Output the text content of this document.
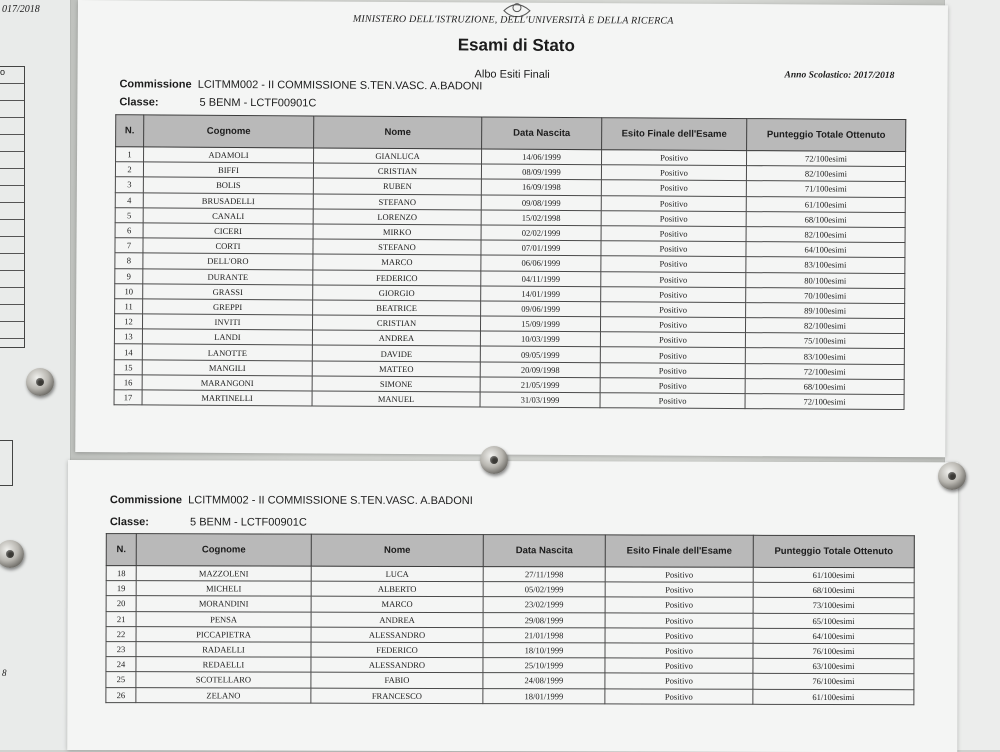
017/2018
o
8
MINISTERO DELL'ISTRUZIONE, DELL'UNIVERSITÀ E DELLA RICERCA
Esami di Stato
Albo Esiti Finali	Anno Scolastico: 2017/2018
Commissione LCITMM002 - II COMMISSIONE S.TEN.VASC. A.BADONI
Classe:	5 BENM - LCTF00901C
N.	Cognome	Nome	Data Nascita	Esito Finale dell'Esame	Punteggio Totale Ottenuto
1	ADAMOLI	GIANLUCA	14/06/1999	Positivo	72/100esimi
2	BIFFI	CRISTIAN	08/09/1999	Positivo	82/100esimi
3	BOLIS	RUBEN	16/09/1998	Positivo	71/100esimi
4	BRUSADELLI	STEFANO	09/08/1999	Positivo	61/100esimi
5	CANALI	LORENZO	15/02/1998	Positivo	68/100esimi
6	CICERI	MIRKO	02/02/1999	Positivo	82/100esimi
7	CORTI	STEFANO	07/01/1999	Positivo	64/100esimi
8	DELL'ORO	MARCO	06/06/1999	Positivo	83/100esimi
9	DURANTE	FEDERICO	04/11/1999	Positivo	80/100esimi
10	GRASSI	GIORGIO	14/01/1999	Positivo	70/100esimi
11	GREPPI	BEATRICE	09/06/1999	Positivo	89/100esimi
12	INVITI	CRISTIAN	15/09/1999	Positivo	82/100esimi
13	LANDI	ANDREA	10/03/1999	Positivo	75/100esimi
14	LANOTTE	DAVIDE	09/05/1999	Positivo	83/100esimi
15	MANGILI	MATTEO	20/09/1998	Positivo	72/100esimi
16	MARANGONI	SIMONE	21/05/1999	Positivo	68/100esimi
17	MARTINELLI	MANUEL	31/03/1999	Positivo	72/100esimi
Commissione LCITMM002 - II COMMISSIONE S.TEN.VASC. A.BADONI
Classe:	5 BENM - LCTF00901C
N.	Cognome	Nome	Data Nascita	Esito Finale dell'Esame	Punteggio Totale Ottenuto
18	MAZZOLENI	LUCA	27/11/1998	Positivo	61/100esimi
19	MICHELI	ALBERTO	05/02/1999	Positivo	68/100esimi
20	MORANDINI	MARCO	23/02/1999	Positivo	73/100esimi
21	PENSA	ANDREA	29/08/1999	Positivo	65/100esimi
22	PICCAPIETRA	ALESSANDRO	21/01/1998	Positivo	64/100esimi
23	RADAELLI	FEDERICO	18/10/1999	Positivo	76/100esimi
24	REDAELLI	ALESSANDRO	25/10/1999	Positivo	63/100esimi
25	SCOTELLARO	FABIO	24/08/1999	Positivo	76/100esimi
26	ZELANO	FRANCESCO	18/01/1999	Positivo	61/100esimi
